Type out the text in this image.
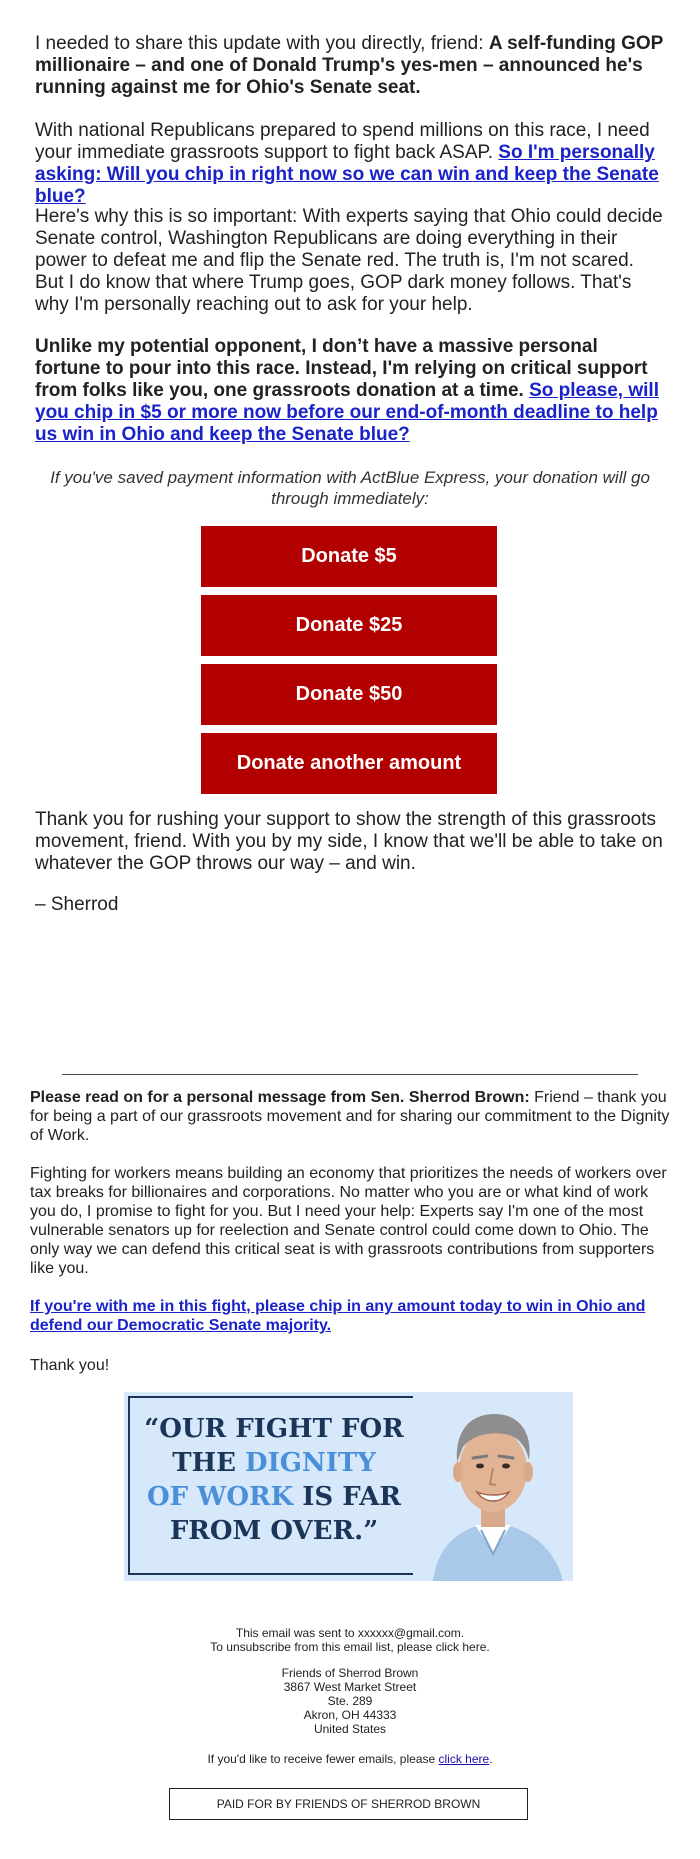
I needed to share this update with you directly, friend: A self-funding GOP millionaire – and one of Donald Trump's yes-men – announced he's running against me for Ohio's Senate seat.

With national Republicans prepared to spend millions on this race, I need your immediate grassroots support to fight back ASAP. So I'm personally asking: Will you chip in right now so we can win and keep the Senate blue?

Here's why this is so important: With experts saying that Ohio could decide Senate control, Washington Republicans are doing everything in their power to defeat me and flip the Senate red. The truth is, I'm not scared. But I do know that where Trump goes, GOP dark money follows. That's why I'm personally reaching out to ask for your help.

Unlike my potential opponent, I don’t have a massive personal fortune to pour into this race. Instead, I'm relying on critical support from folks like you, one grassroots donation at a time. So please, will you chip in $5 or more now before our end-of-month deadline to help us win in Ohio and keep the Senate blue?

If you've saved payment information with ActBlue Express, your donation will go through immediately:
Donate $5
Donate $25
Donate $50
Donate another amount

Thank you for rushing your support to show the strength of this grassroots movement, friend. With you by my side, I know that we'll be able to take on whatever the GOP throws our way – and win.

– Sherrod

Please read on for a personal message from Sen. Sherrod Brown: Friend – thank you for being a part of our grassroots movement and for sharing our commitment to the Dignity of Work.

Fighting for workers means building an economy that prioritizes the needs of workers over tax breaks for billionaires and corporations. No matter who you are or what kind of work you do, I promise to fight for you. But I need your help: Experts say I'm one of the most vulnerable senators up for reelection and Senate control could come down to Ohio. The only way we can defend this critical seat is with grassroots contributions from supporters like you.

If you're with me in this fight, please chip in any amount today to win in Ohio and defend our Democratic Senate majority.

Thank you!
“OUR FIGHT FOR
THE DIGNITY
OF WORK IS FAR
FROM OVER.”
This email was sent to xxxxxx@gmail.com.
To unsubscribe from this email list, please click here.
Friends of Sherrod Brown
3867 West Market Street
Ste. 289
Akron, OH 44333
United States
If you'd like to receive fewer emails, please click here.
PAID FOR BY FRIENDS OF SHERROD BROWN
